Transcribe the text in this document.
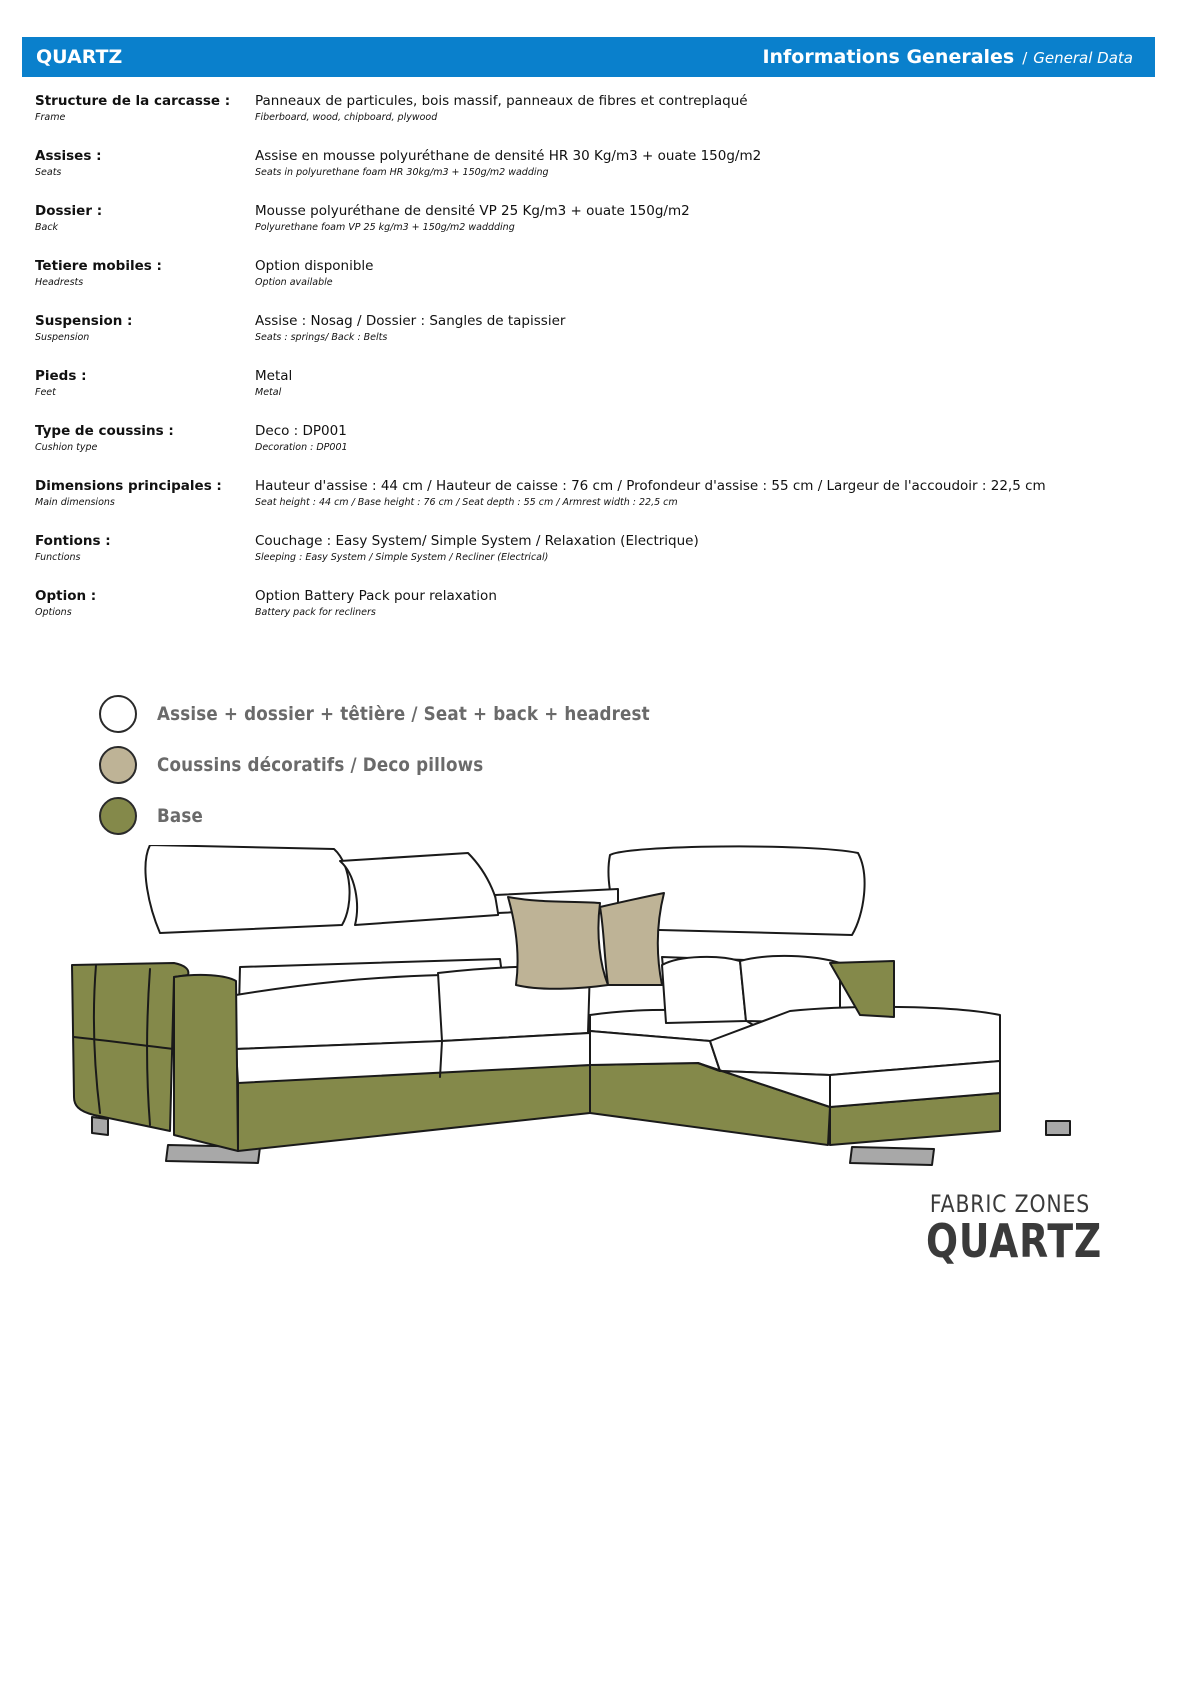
QUARTZ	Informations Generales / General Data
Structure de la carcasse :
Frame
Panneaux de particules, bois massif, panneaux de fibres et contreplaqué
Fiberboard, wood, chipboard, plywood
Assises :
Seats
Assise en mousse polyuréthane de densité HR 30 Kg/m3 + ouate 150g/m2
Seats in polyurethane foam HR 30kg/m3 + 150g/m2 wadding
Dossier :
Back
Mousse polyuréthane de densité VP 25 Kg/m3 + ouate 150g/m2
Polyurethane foam VP 25 kg/m3 + 150g/m2 waddding
Tetiere mobiles :
Headrests
Option disponible
Option available
Suspension :
Suspension
Assise : Nosag / Dossier : Sangles de tapissier
Seats : springs/ Back : Belts
Pieds :
Feet
Metal
Metal
Type de coussins :
Cushion type
Deco : DP001
Decoration : DP001
Dimensions principales :
Main dimensions
Hauteur d'assise : 44 cm / Hauteur de caisse : 76 cm / Profondeur d'assise : 55 cm / Largeur de l'accoudoir : 22,5 cm
Seat height : 44 cm / Base height : 76 cm / Seat depth : 55 cm / Armrest width : 22,5 cm
Fontions :
Functions
Couchage : Easy System/ Simple System / Relaxation (Electrique)
Sleeping : Easy System / Simple System / Recliner (Electrical)
Option :
Options
Option Battery Pack pour relaxation
Battery pack for recliners
Assise + dossier + têtière / Seat + back + headrest
Coussins décoratifs / Deco pillows
Base
FABRIC ZONES
QUARTZ
